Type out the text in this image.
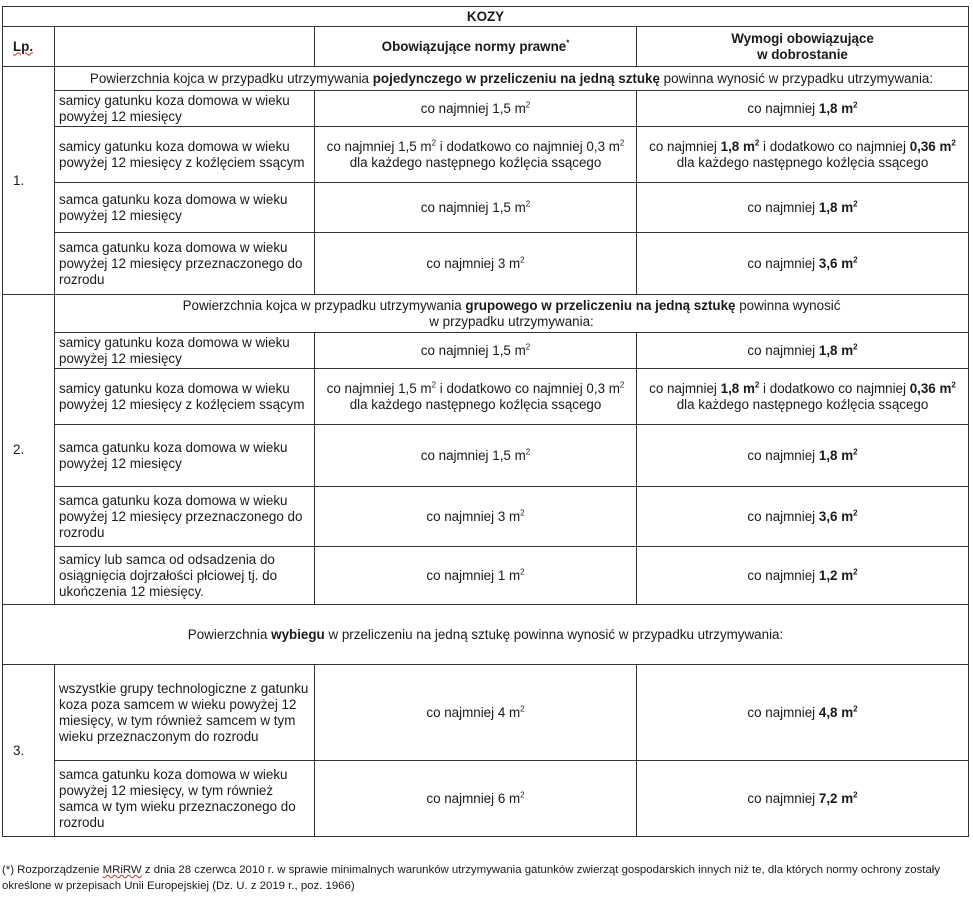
KOZY			
Lp.		Obowiązujące normy prawne*	Wymogi obowiązujące
w dobrostanie
1.	Powierzchnia kojca w przypadku utrzymywania pojedynczego w przeliczeniu na jedną sztukę powinna wynosić w przypadku utrzymywania:		
	samicy gatunku koza domowa w wieku powyżej 12 miesięcy	co najmniej 1,5 $m^2$	co najmniej 1,8 $m^2$
	samicy gatunku koza domowa w wieku powyżej 12 miesięcy z koźlęciem ssącym	co najmniej 1,5 $m^2$ i dodatkowo co najmniej 0,3 $m^2$ dla każdego następnego koźlęcia ssącego	co najmniej 1,8 $m^2$ i dodatkowo co najmniej 0,36 $m^2$ dla każdego następnego koźlęcia ssącego
	samca gatunku koza domowa w wieku powyżej 12 miesięcy	co najmniej 1,5 $m^2$	co najmniej 1,8 $m^2$
	samca gatunku koza domowa w wieku powyżej 12 miesięcy przeznaczonego do rozrodu	co najmniej 3 $m^2$	co najmniej 3,6 $m^2$
2.	Powierzchnia kojca w przypadku utrzymywania grupowego w przeliczeniu na jedną sztukę powinna wynosić
w przypadku utrzymywania:		
	samicy gatunku koza domowa w wieku powyżej 12 miesięcy	co najmniej 1,5 $m^2$	co najmniej 1,8 $m^2$
	samicy gatunku koza domowa w wieku powyżej 12 miesięcy z koźlęciem ssącym	co najmniej 1,5 $m^2$ i dodatkowo co najmniej 0,3 $m^2$ dla każdego następnego koźlęcia ssącego	co najmniej 1,8 $m^2$ i dodatkowo co najmniej 0,36 $m^2$ dla każdego następnego koźlęcia ssącego
	samca gatunku koza domowa w wieku powyżej 12 miesięcy	co najmniej 1,5 $m^2$	co najmniej 1,8 $m^2$
	samca gatunku koza domowa w wieku powyżej 12 miesięcy przeznaczonego do rozrodu	co najmniej 3 $m^2$	co najmniej 3,6 $m^2$
	samicy lub samca od odsadzenia do osiągnięcia dojrzałości płciowej tj. do ukończenia 12 miesięcy.	co najmniej 1 $m^2$	co najmniej 1,2 $m^2$
Powierzchnia wybiegu w przeliczeniu na jedną sztukę powinna wynosić w przypadku utrzymywania:			
3.	wszystkie grupy technologiczne z gatunku koza poza samcem w wieku powyżej 12 miesięcy, w tym również samcem w tym wieku przeznaczonym do rozrodu	co najmniej 4 $m^2$	co najmniej 4,8 $m^2$
	samca gatunku koza domowa w wieku powyżej 12 miesięcy, w tym również samca w tym wieku przeznaczonego do rozrodu	co najmniej 6 $m^2$	co najmniej 7,2 $m^2$
(*) Rozporządzenie MRiRW z dnia 28 czerwca 2010 r. w sprawie minimalnych warunków utrzymywania gatunków zwierząt gospodarskich innych niż te, dla których normy ochrony zostały określone w przepisach Unii Europejskiej (Dz. U. z 2019 r., poz. 1966)
